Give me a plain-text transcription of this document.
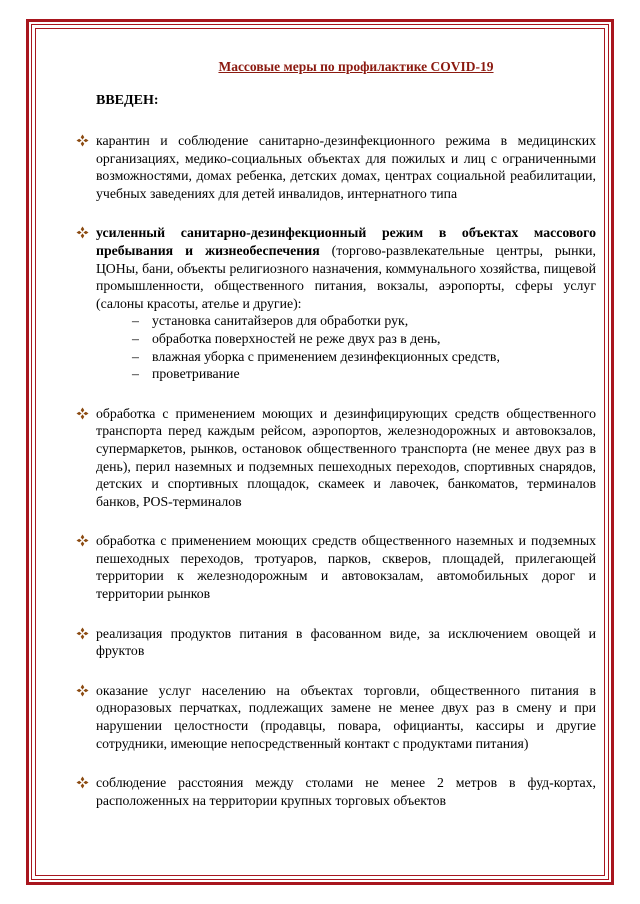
Массовые меры по профилактике COVID-19
ВВЕДЕН:
карантин и соблюдение санитарно-дезинфекционного режима в медицинских организациях, медико-социальных объектах для пожилых и лиц с ограниченными возможностями, домах ребенка, детских домах, центрах социальной реабилитации, учебных заведениях для детей инвалидов, интернатного типа
усиленный санитарно-дезинфекционный режим в объектах массового пребывания и жизнеобеспечения (торгово-развлекательные центры, рынки, ЦОНы, бани, объекты религиозного назначения, коммунального хозяйства, пищевой промышленности, общественного питания, вокзалы, аэропорты, сферы услуг (салоны красоты, ателье и другие):
– установка санитайзеров для обработки рук,
– обработка поверхностей не реже двух раз в день,
– влажная уборка с применением дезинфекционных средств,
– проветривание
обработка с применением моющих и дезинфицирующих средств общественного транспорта перед каждым рейсом, аэропортов, железнодорожных и автовокзалов, супермаркетов, рынков, остановок общественного транспорта (не менее двух раз в день), перил наземных и подземных пешеходных переходов, спортивных снарядов, детских и спортивных площадок, скамеек и лавочек, банкоматов, терминалов банков, POS-терминалов
обработка с применением моющих средств общественного наземных и подземных пешеходных переходов, тротуаров, парков, скверов, площадей, прилегающей территории к железнодорожным и автовокзалам, автомобильных дорог и территории рынков
реализация продуктов питания в фасованном виде, за исключением овощей и фруктов
оказание услуг населению на объектах торговли, общественного питания в одноразовых перчатках, подлежащих замене не менее двух раз в смену и при нарушении целостности (продавцы, повара, официанты, кассиры и другие сотрудники, имеющие непосредственный контакт с продуктами питания)
соблюдение расстояния между столами не менее 2 метров в фуд-кортах, расположенных на территории крупных торговых объектов
